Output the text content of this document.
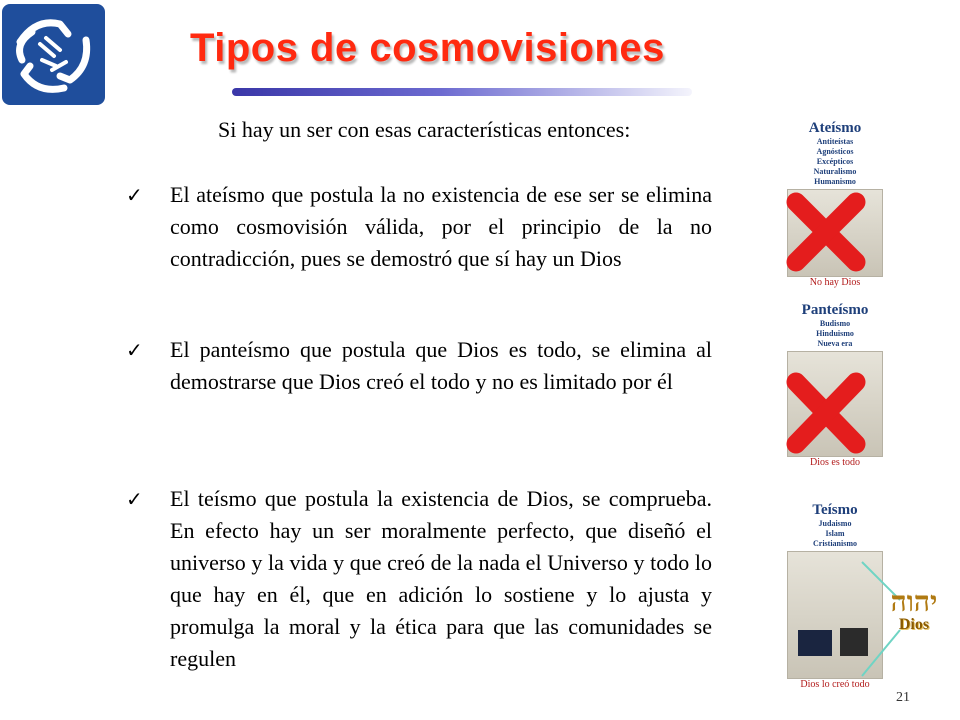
Tipos de cosmovisiones
Si hay un ser con esas características entonces:
✓	El ateísmo que postula la no existencia de ese ser se elimina como cosmovisión válida, por el principio de la no contradicción, pues se demostró que sí hay un Dios

✓	El panteísmo que postula que Dios es todo, se elimina al demostrarse que Dios creó el todo y no es limitado por él

✓	El teísmo que postula la existencia de Dios, se comprueba. En efecto hay un ser moralmente perfecto, que diseñó el universo y la vida y que creó de la nada el Universo y todo lo que hay en él, que en adición lo sostiene y lo ajusta y promulga la moral y la ética para que las comunidades se regulen

Ateísmo
Antiteístas
Agnósticos
Excépticos
Naturalismo
Humanismo
No hay Dios
Panteísmo
Budismo
Hinduismo
Nueva era
Dios es todo
Teísmo
Judaismo
Islam
Cristianismo
Dios lo creó todo
יהוה
Dios
21
